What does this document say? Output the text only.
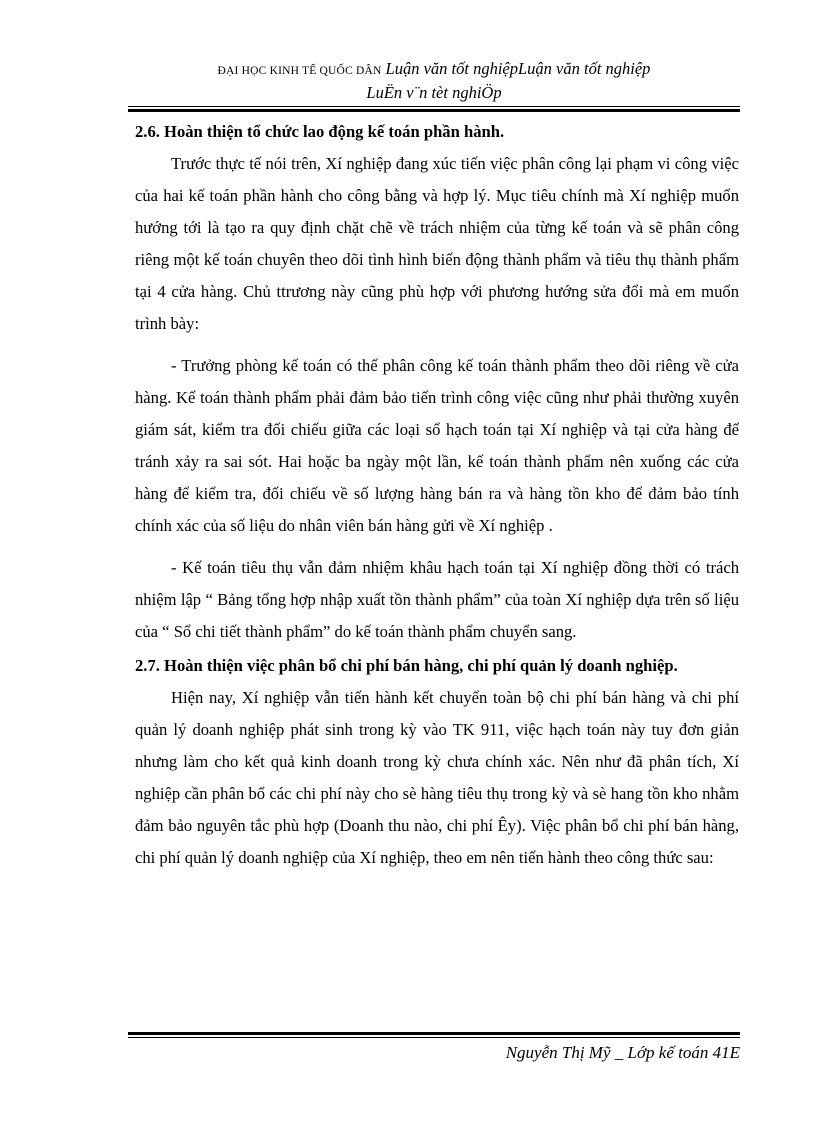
ĐẠI HỌC KINH TẾ QUỐC DÂN Luận văn tốt nghiệpLuận văn tốt nghiệp
LuËn v¨n tèt nghiÖp

2.6. Hoàn thiện tổ chức lao động kế toán phần hành.

Trước thực tế nói trên, Xí nghiệp đang xúc tiến việc phân công lại phạm vi công việc của hai kế toán phần hành cho công bằng và hợp lý. Mục tiêu chính mà Xí nghiệp muốn hướng tới là tạo ra quy định chặt chẽ về trách nhiệm của từng kế toán và sẽ phân công riêng một kế toán chuyên theo dõi tình hình biến động thành phẩm và tiêu thụ thành phẩm tại 4 cửa hàng. Chủ ttrương này cũng phù hợp với phương hướng sửa đổi mà em muốn trình bày:

- Trưởng phòng kế toán có thể phân công kế toán thành phẩm theo dõi riêng về cửa hàng. Kế toán thành phẩm phải đảm bảo tiến trình công việc cũng như phải thường xuyên giám sát, kiểm tra đối chiếu giữa các loại sổ hạch toán tại Xí nghiệp và tại cửa hàng để tránh xảy ra sai sót. Hai hoặc ba ngày một lần, kế toán thành phẩm nên xuống các cửa hàng để kiểm tra, đối chiếu về số lượng hàng bán ra và hàng tồn kho để đảm bảo tính chính xác của số liệu do nhân viên bán hàng gửi về Xí nghiệp .

- Kế toán tiêu thụ vẫn đảm nhiệm khâu hạch toán tại Xí nghiệp đồng thời có trách nhiệm lập “ Bảng tổng hợp nhập xuất tồn thành phẩm” của toàn Xí nghiệp dựa trên số liệu của “ Sổ chi tiết thành phẩm” do kế toán thành phẩm chuyển sang.

2.7. Hoàn thiện việc phân bổ chi phí bán hàng, chi phí quản lý doanh nghiệp.

Hiện nay, Xí nghiệp vẫn tiến hành kết chuyển toàn bộ chi phí bán hàng và chi phí quản lý doanh nghiệp phát sinh trong kỳ vào TK 911, việc hạch toán này tuy đơn giản nhưng làm cho kết quả kinh doanh trong kỳ chưa chính xác. Nên như đã phân tích, Xí nghiệp cần phân bổ các chi phí này cho sè hàng tiêu thụ trong kỳ và sè hang tồn kho nhằm đảm bảo nguyên tắc phù hợp (Doanh thu nào, chi phí Êy). Việc phân bổ chi phí bán hàng, chi phí quản lý doanh nghiệp của Xí nghiệp, theo em nên tiến hành theo công thức sau:

Nguyễn Thị Mỹ _ Lớp kế toán 41E
